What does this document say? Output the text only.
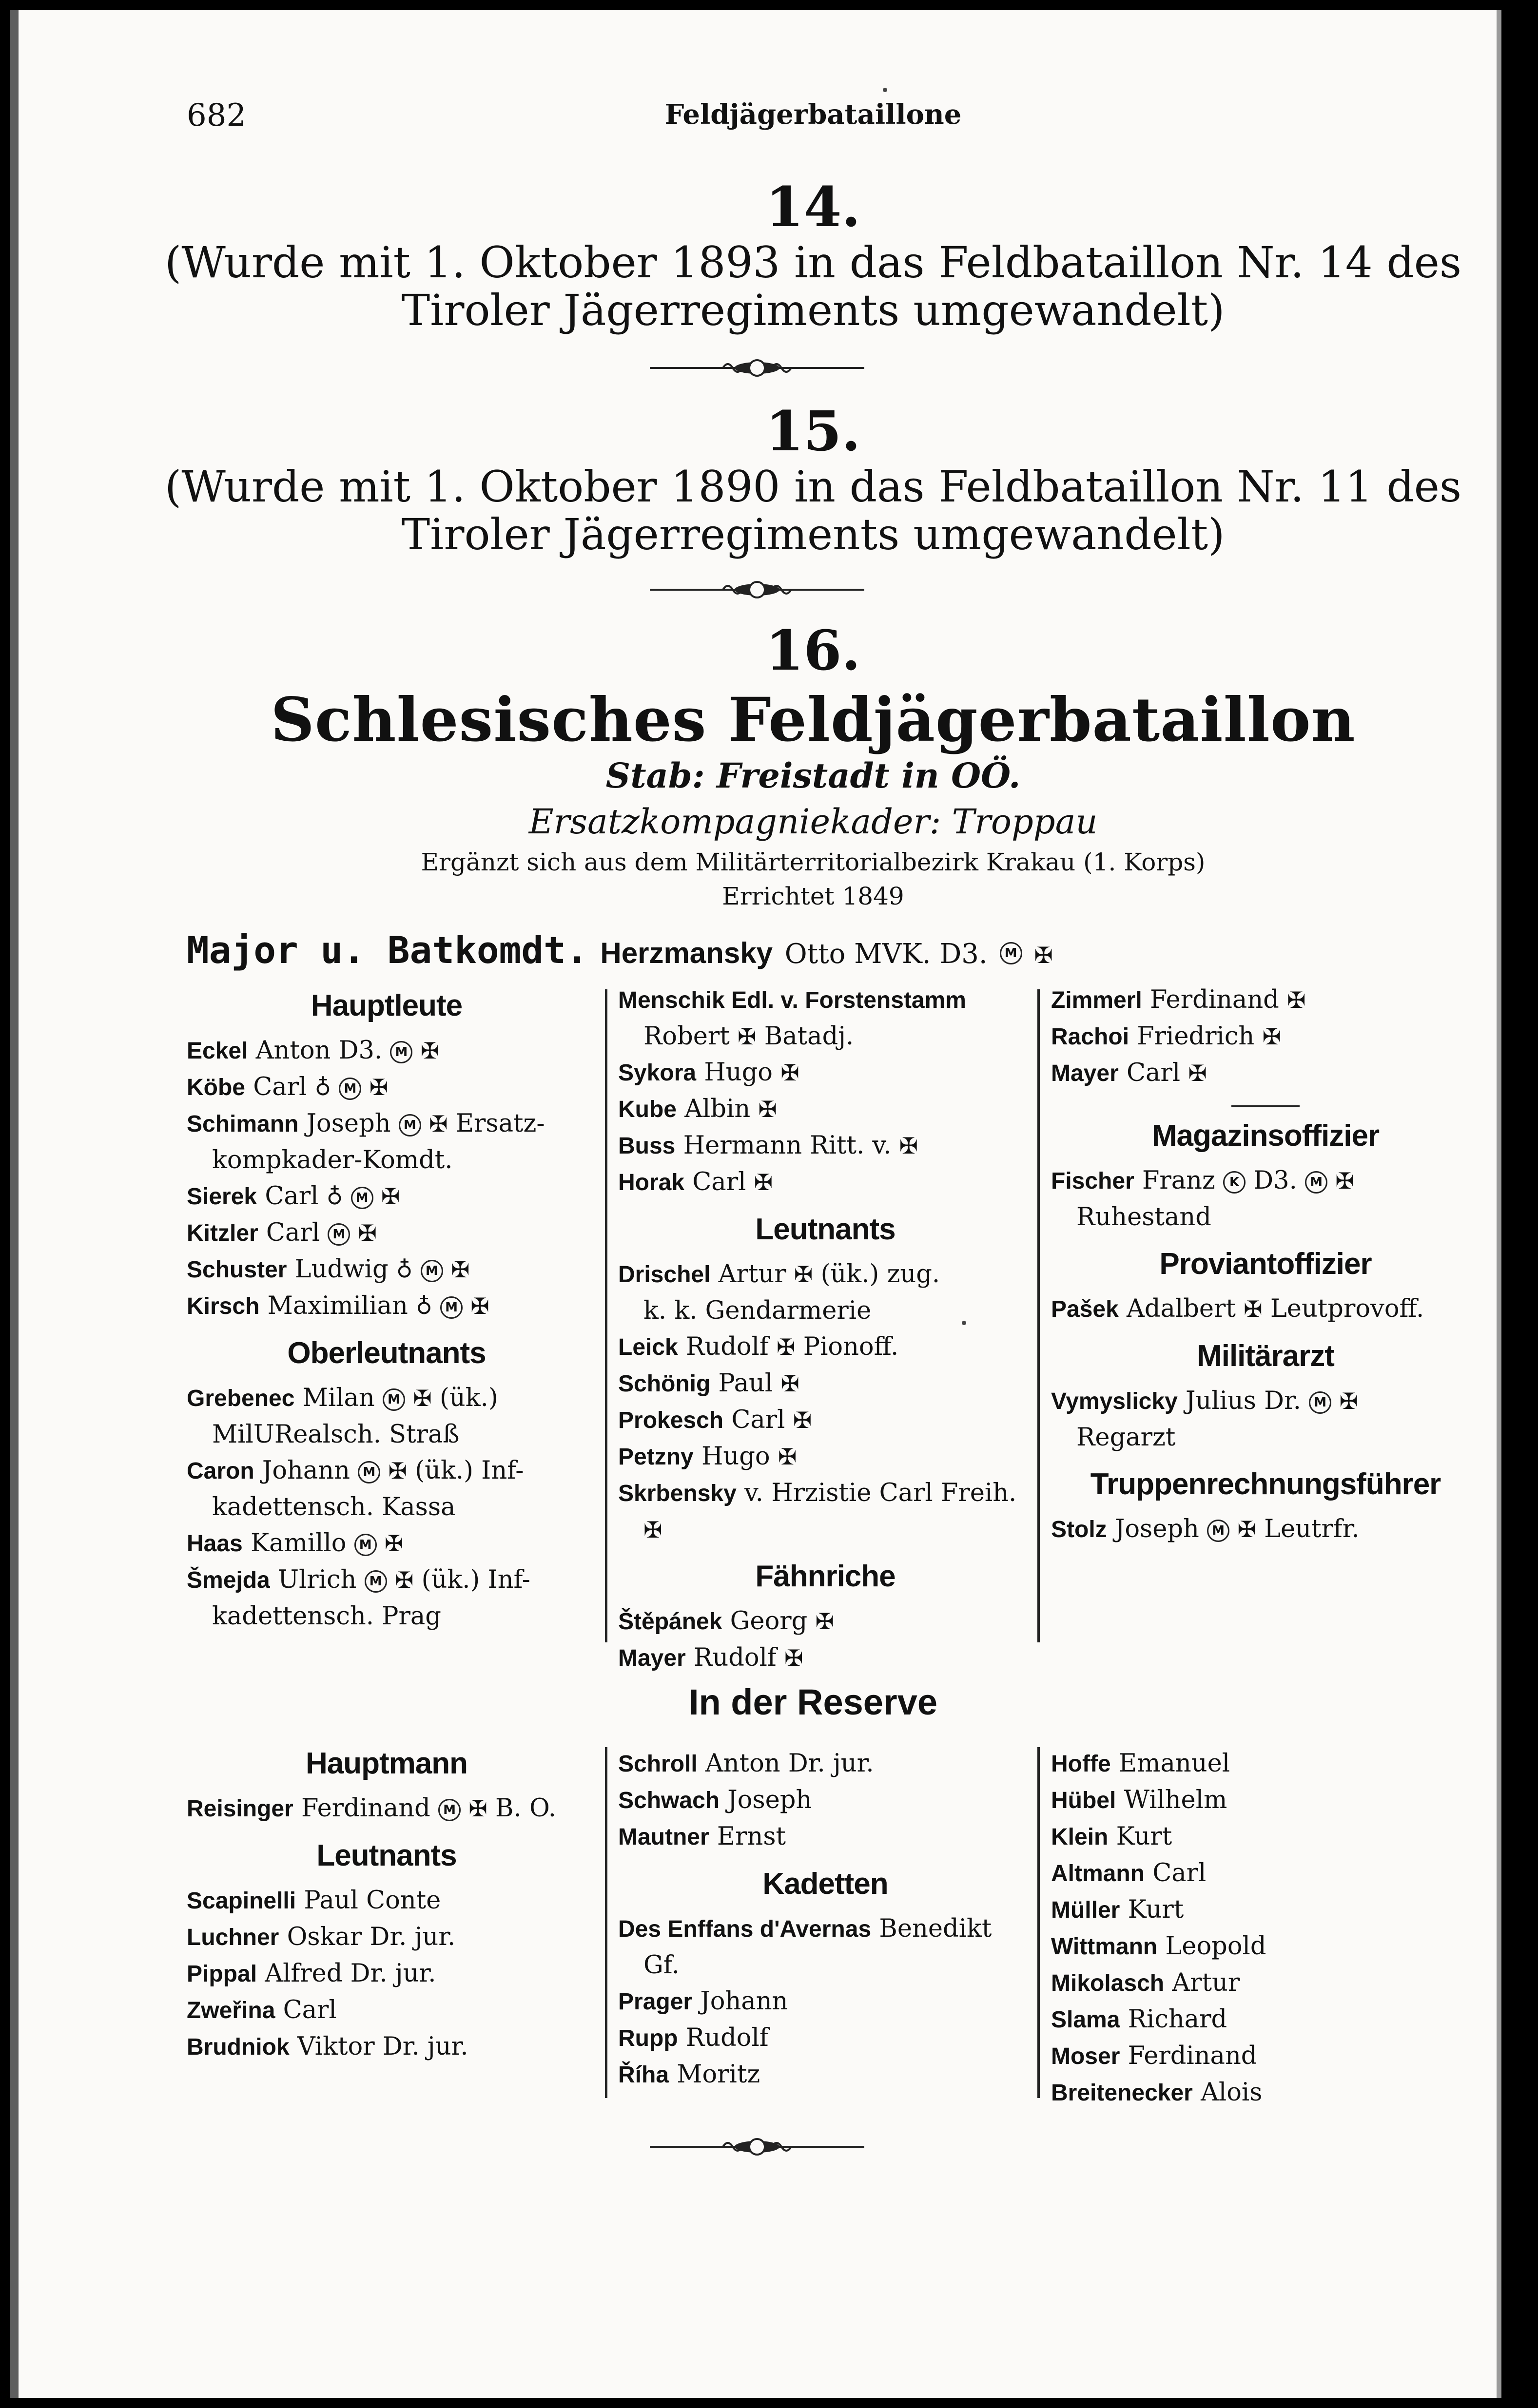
682	Feldjägerbataillone
14.
(Wurde mit 1. Oktober 1893 in das Feldbataillon Nr. 14 des
Tiroler Jägerregiments umgewandelt)
15.
(Wurde mit 1. Oktober 1890 in das Feldbataillon Nr. 11 des
Tiroler Jägerregiments umgewandelt)
16.
Schlesisches Feldjägerbataillon
Stab: Freistadt in OÖ.
Ersatzkompagniekader: Troppau
Ergänzt sich aus dem Militärterritorialbezirk Krakau (1. Korps)
Errichtet 1849
Major u. Batkomdt. Herzmansky Otto MVK. D3. M ✠
Hauptleute
Eckel Anton D3. M ✠
Köbe Carl ♁ M ✠
Schimann Joseph M ✠ Ersatz-
kompkader-Komdt.
Sierek Carl ♁ M ✠
Kitzler Carl M ✠
Schuster Ludwig ♁ M ✠
Kirsch Maximilian ♁ M ✠
Oberleutnants
Grebenec Milan M ✠ (ük.)
MilURealsch. Straß
Caron Johann M ✠ (ük.) Inf-
kadettensch. Kassa
Haas Kamillo M ✠
Šmejda Ulrich M ✠ (ük.) Inf-
kadettensch. Prag
Menschik Edl. v. Forstenstamm
Robert ✠ Batadj.
Sykora Hugo ✠
Kube Albin ✠
Buss Hermann Ritt. v. ✠
Horak Carl ✠
Leutnants
Drischel Artur ✠ (ük.) zug.
k. k. Gendarmerie
Leick Rudolf ✠ Pionoff.
Schönig Paul ✠
Prokesch Carl ✠
Petzny Hugo ✠
Skrbensky v. Hrzistie Carl Freih.
✠
Fähnriche
Štěpánek Georg ✠
Mayer Rudolf ✠
Zimmerl Ferdinand ✠
Rachoi Friedrich ✠
Mayer Carl ✠
Magazinsoffizier
Fischer Franz K D3. M ✠
Ruhestand
Proviantoffizier
Pašek Adalbert ✠ Leutprovoff.
Militärarzt
Vymyslicky Julius Dr. M ✠
Regarzt
Truppenrechnungsführer
Stolz Joseph M ✠ Leutrfr.
In der Reserve
Hauptmann
Reisinger Ferdinand M ✠ B. O.
Leutnants
Scapinelli Paul Conte
Luchner Oskar Dr. jur.
Pippal Alfred Dr. jur.
Zweřina Carl
Brudniok Viktor Dr. jur.
Schroll Anton Dr. jur.
Schwach Joseph
Mautner Ernst
Kadetten
Des Enffans d'Avernas Benedikt
Gf.
Prager Johann
Rupp Rudolf
Říha Moritz
Hoffe Emanuel
Hübel Wilhelm
Klein Kurt
Altmann Carl
Müller Kurt
Wittmann Leopold
Mikolasch Artur
Slama Richard
Moser Ferdinand
Breitenecker Alois
